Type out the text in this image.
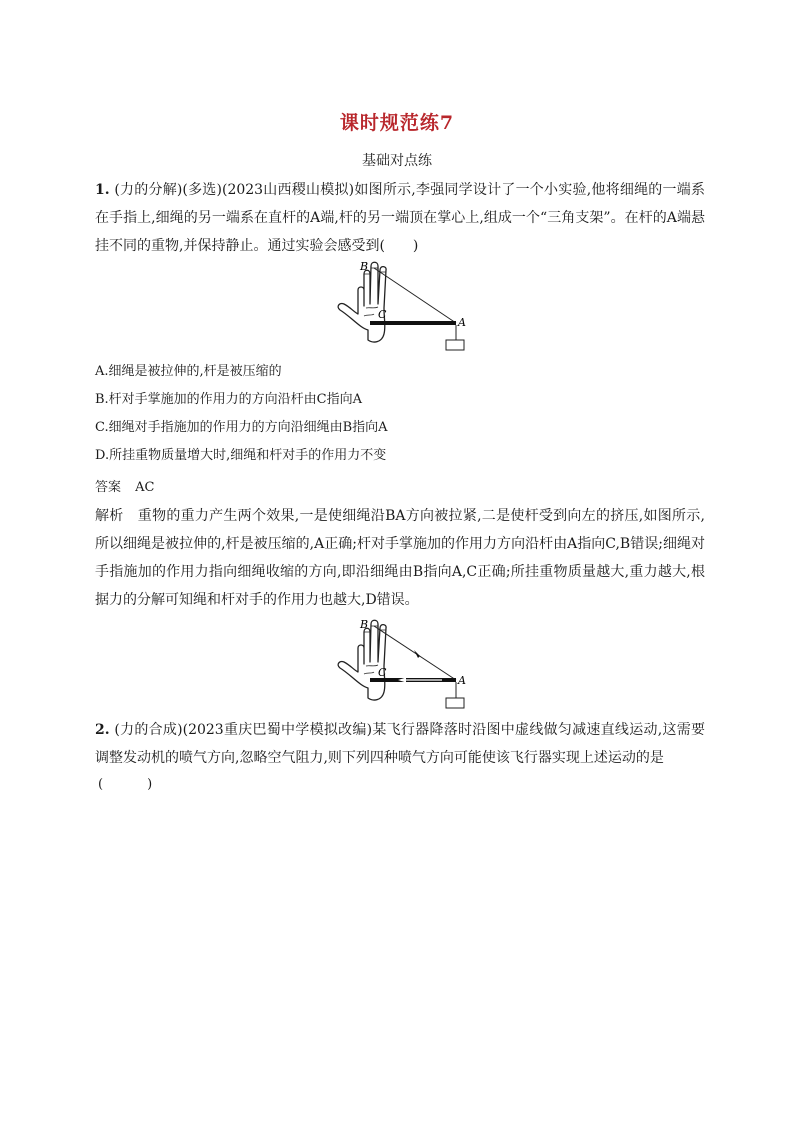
课时规范练7
基础对点练
1. (力的分解)(多选)(2023山西稷山模拟)如图所示,李强同学设计了一个小实验,他将细绳的一端系在手指上,细绳的另一端系在直杆的A端,杆的另一端顶在掌心上,组成一个“三角支架”。在杆的A端悬挂不同的重物,并保持静止。通过实验会感受到(　　)
B
C
A
A.细绳是被拉伸的,杆是被压缩的
B.杆对手掌施加的作用力的方向沿杆由C指向A
C.细绳对手指施加的作用力的方向沿细绳由B指向A
D.所挂重物质量增大时,细绳和杆对手的作用力不变
答案 AC
解析　重物的重力产生两个效果,一是使细绳沿BA方向被拉紧,二是使杆受到向左的挤压,如图所示,所以细绳是被拉伸的,杆是被压缩的,A正确;杆对手掌施加的作用力方向沿杆由A指向C,B错误;细绳对手指施加的作用力指向细绳收缩的方向,即沿细绳由B指向A,C正确;所挂重物质量越大,重力越大,根据力的分解可知绳和杆对手的作用力也越大,D错误。
B
C
A
2. (力的合成)(2023重庆巴蜀中学模拟改编)某飞行器降落时沿图中虚线做匀减速直线运动,这需要调整发动机的喷气方向,忽略空气阻力,则下列四种喷气方向可能使该飞行器实现上述运动的是
(　　)
